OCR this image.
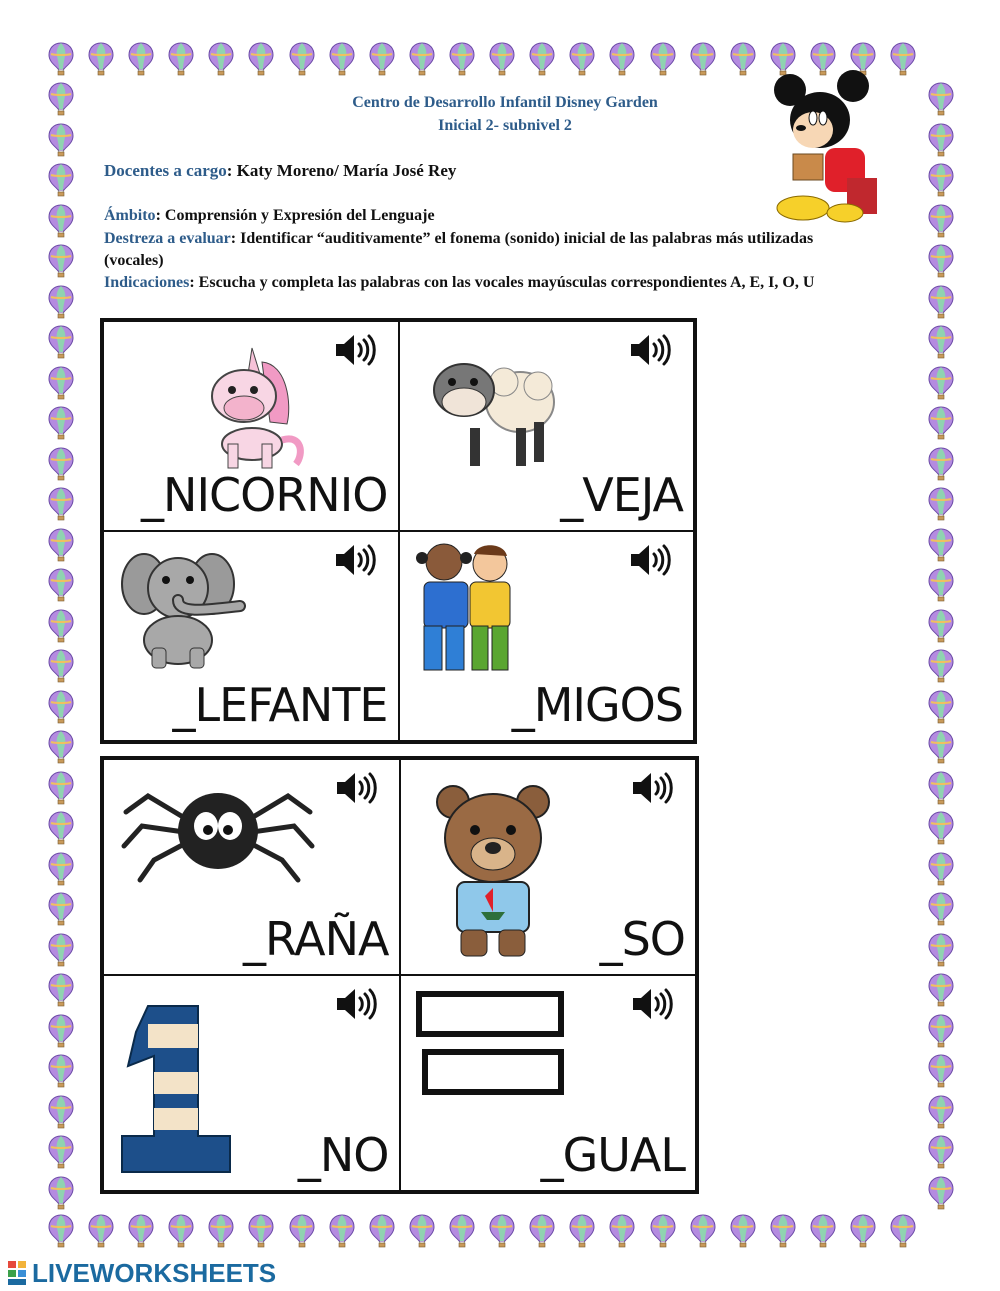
Centro de Desarrollo Infantil Disney Garden
Inicial 2- subnivel 2
Docentes a cargo: Katy Moreno/ María José Rey
Ámbito: Comprensión y Expresión del Lenguaje
Destreza a evaluar: Identificar “auditivamente” el fonema (sonido) inicial de las palabras más utilizadas
(vocales)
Indicaciones: Escucha y completa las palabras con las vocales mayúsculas correspondientes A, E, I, O, U
_NICORNIO	_VEJA
_LEFANTE	_MIGOS
_RAÑA	_SO
_NO	_GUAL
LIVEWORKSHEETS
